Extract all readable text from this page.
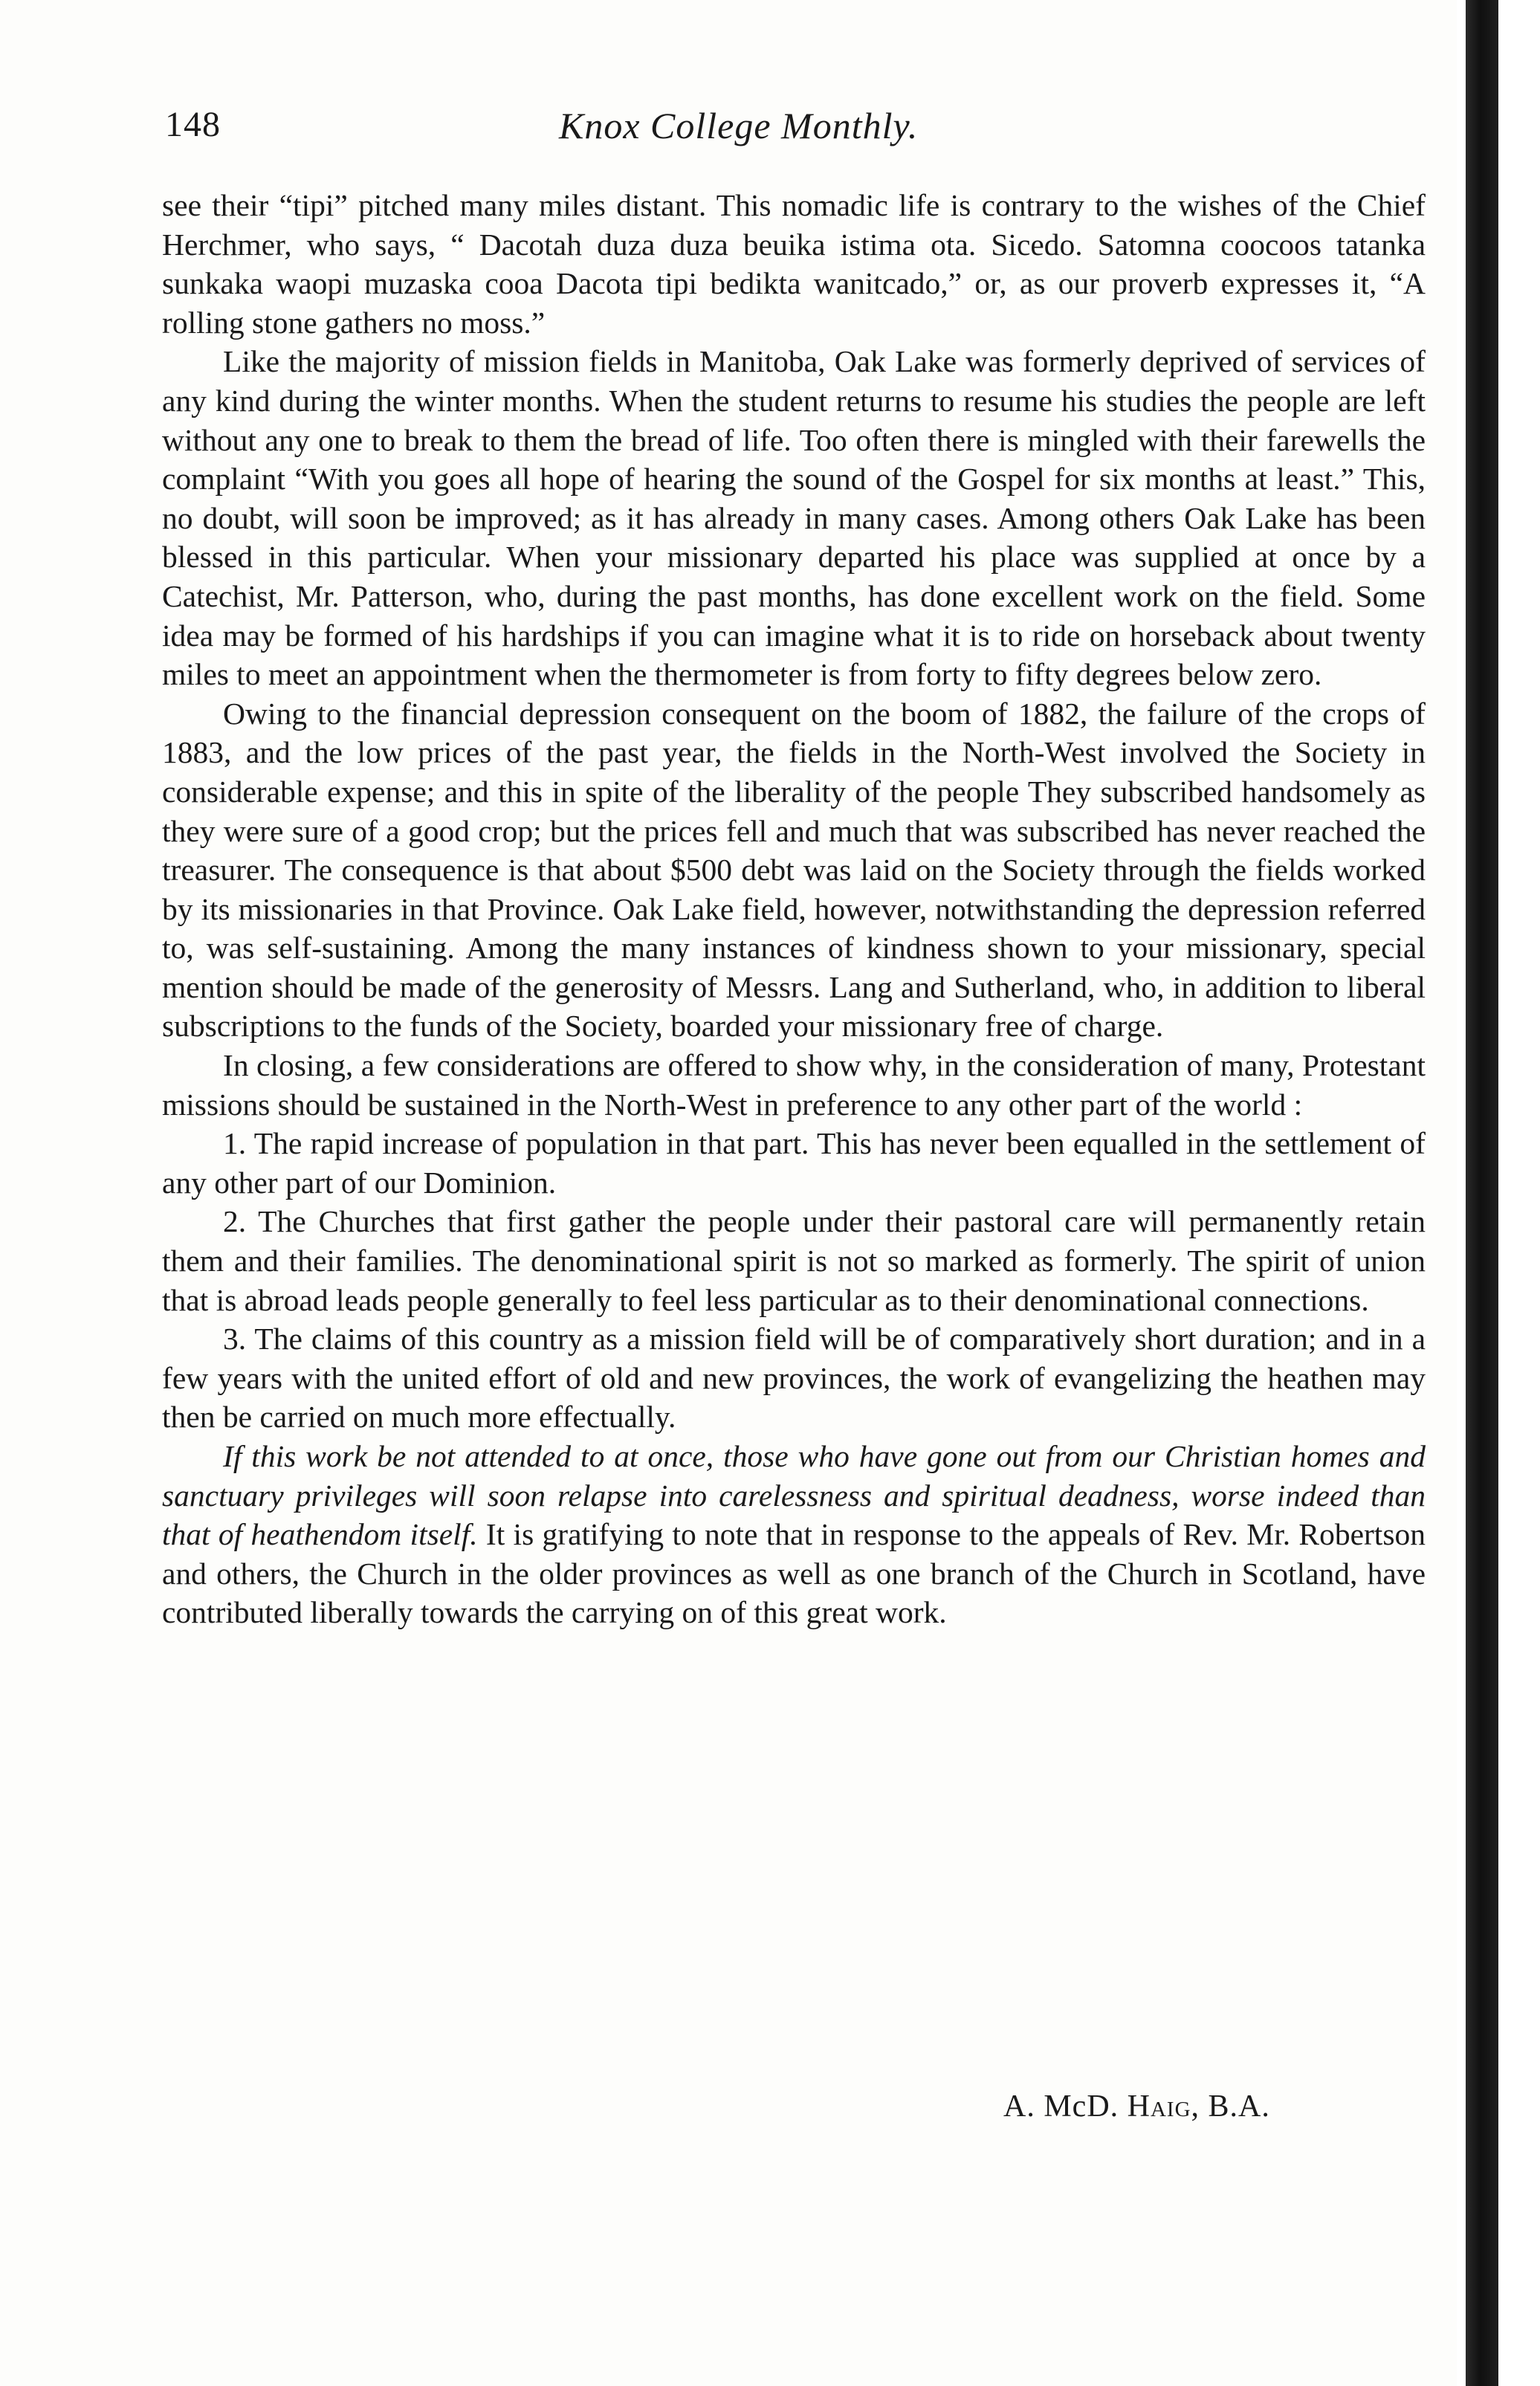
148	Knox College Monthly.

see their “tipi” pitched many miles distant. This nomadic life is contrary to the wishes of the Chief Herchmer, who says, “ Dacotah duza duza beuika istima ota. Sicedo. Satomna coocoos tatanka sunkaka waopi muzaska cooa Dacota tipi bedikta wanitcado,” or, as our proverb expresses it, “A rolling stone gathers no moss.”

Like the majority of mission fields in Manitoba, Oak Lake was formerly deprived of services of any kind during the winter months. When the student returns to resume his studies the people are left without any one to break to them the bread of life. Too often there is mingled with their farewells the complaint “With you goes all hope of hearing the sound of the Gospel for six months at least.” This, no doubt, will soon be improved; as it has already in many cases. Among others Oak Lake has been blessed in this particular. When your missionary departed his place was supplied at once by a Catechist, Mr. Patterson, who, during the past months, has done excellent work on the field. Some idea may be formed of his hardships if you can imagine what it is to ride on horseback about twenty miles to meet an appointment when the thermometer is from forty to fifty degrees below zero.

Owing to the financial depression consequent on the boom of 1882, the failure of the crops of 1883, and the low prices of the past year, the fields in the North-West involved the Society in considerable expense; and this in spite of the liberality of the people They subscribed handsomely as they were sure of a good crop; but the prices fell and much that was subscribed has never reached the treasurer. The consequence is that about $500 debt was laid on the Society through the fields worked by its missionaries in that Province. Oak Lake field, however, notwithstanding the depression referred to, was self-sustaining. Among the many instances of kindness shown to your missionary, special mention should be made of the generosity of Messrs. Lang and Sutherland, who, in addition to liberal subscriptions to the funds of the Society, boarded your missionary free of charge.

In closing, a few considerations are offered to show why, in the consideration of many, Protestant missions should be sustained in the North-West in preference to any other part of the world :

1. The rapid increase of population in that part. This has never been equalled in the settlement of any other part of our Dominion.

2. The Churches that first gather the people under their pastoral care will permanently retain them and their families. The denominational spirit is not so marked as formerly. The spirit of union that is abroad leads people generally to feel less particular as to their denominational connections.

3. The claims of this country as a mission field will be of comparatively short duration; and in a few years with the united effort of old and new provinces, the work of evangelizing the heathen may then be carried on much more effectually.

If this work be not attended to at once, those who have gone out from our Christian homes and sanctuary privileges will soon relapse into carelessness and spiritual deadness, worse indeed than that of heathendom itself. It is gratifying to note that in response to the appeals of Rev. Mr. Robertson and others, the Church in the older provinces as well as one branch of the Church in Scotland, have contributed liberally towards the carrying on of this great work.

A. McD. Haig, B.A.
